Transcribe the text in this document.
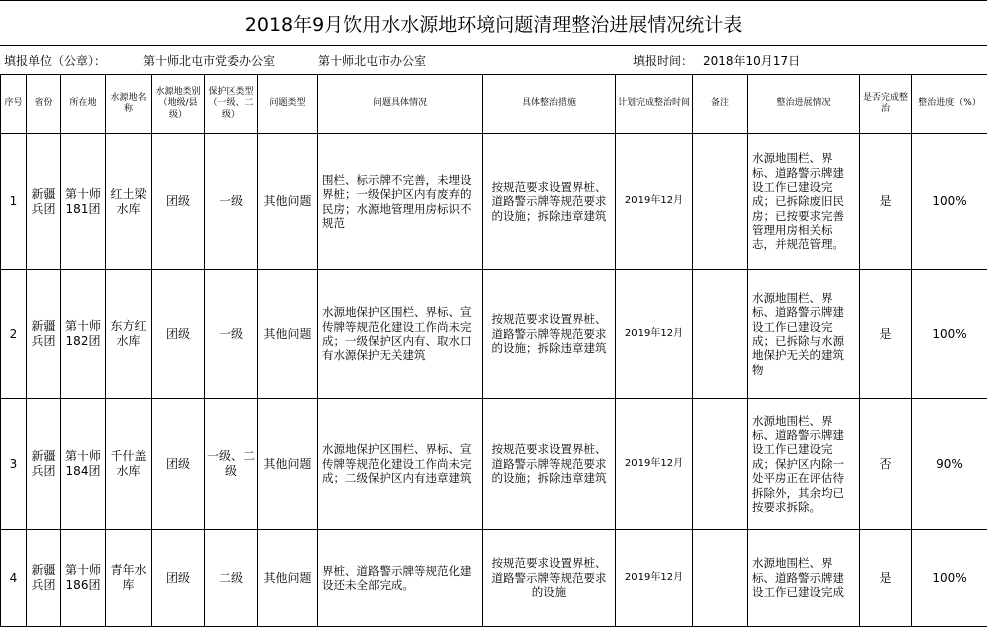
2018年9月饮用水水源地环境问题清理整治进展情况统计表
填报单位（公章）：	第十师北屯市党委办公室	第十师北屯市办公室	填报时间： 2018年10月17日
序号	省份	所在地	水源地名称	水源地类别（地级/县级）	保护区类型（一级、二级）	问题类型	问题具体情况	具体整治措施	计划完成整治时间	备注	整治进展情况	是否完成整治	整治进度（%）
1	新疆兵团	第十师181团	红土梁水库	团级	一级	其他问题	围栏、标示牌不完善，未埋设界桩；一级保护区内有废弃的民房；水源地管理用房标识不规范	按规范要求设置界桩、道路警示牌等规范要求的设施；拆除违章建筑	2019年12月		水源地围栏、界标、道路警示牌建设工作已建设完成；已拆除废旧民房；已按要求完善管理用房相关标志，并规范管理。	是	100%
2	新疆兵团	第十师182团	东方红水库	团级	一级	其他问题	水源地保护区围栏、界标、宣传牌等规范化建设工作尚未完成；一级保护区内有、取水口有水源保护无关建筑	按规范要求设置界桩、道路警示牌等规范要求的设施；拆除违章建筑	2019年12月		水源地围栏、界标、道路警示牌建设工作已建设完成；已拆除与水源地保护无关的建筑物	是	100%
3	新疆兵团	第十师184团	千什盖水库	团级	一级、二级	其他问题	水源地保护区围栏、界标、宣传牌等规范化建设工作尚未完成；二级保护区内有违章建筑	按规范要求设置界桩、道路警示牌等规范要求的设施；拆除违章建筑	2019年12月		水源地围栏、界标、道路警示牌建设工作已建设完成；保护区内除一处平房正在评估待拆除外，其余均已按要求拆除。	否	90%
4	新疆兵团	第十师186团	青年水库	团级	二级	其他问题	界桩、道路警示牌等规范化建设还未全部完成。	按规范要求设置界桩、道路警示牌等规范要求的设施	2019年12月		水源地围栏、界标、道路警示牌建设工作已建设完成	是	100%
